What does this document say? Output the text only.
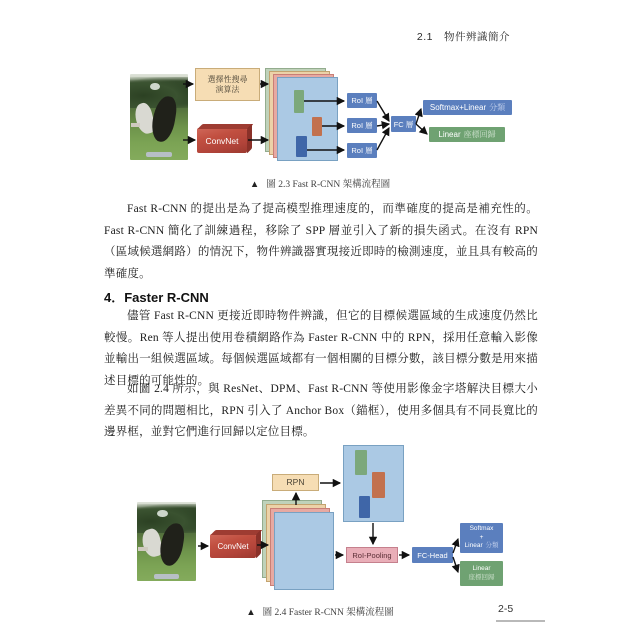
2.1　物件辨識簡介
選擇性搜尋
演算法
ConvNet
RoI 層
RoI 層
RoI 層
FC 層
Softmax+Linear 分類
Linear 座標回歸
▲ 圖 2.3 Fast R-CNN 架構流程圖
Fast R-CNN 的提出是為了提高模型推理速度的，而準確度的提高是補充性的。Fast R-CNN 簡化了訓練過程，移除了 SPP 層並引入了新的損失函式。在沒有 RPN（區域候選網路）的情況下，物件辨識器實現接近即時的檢測速度，並且具有較高的準確度。
4．Faster R-CNN
儘管 Fast R-CNN 更接近即時物件辨識，但它的目標候選區域的生成速度仍然比較慢。Ren 等人提出使用卷積網路作為 Faster R-CNN 中的 RPN，採用任意輸入影像並輸出一組候選區域。每個候選區域都有一個相關的目標分數，該目標分數是用來描述目標的可能性的。
如圖 2.4 所示，與 ResNet、DPM、Fast R-CNN 等使用影像金字塔解決目標大小差異不同的問題相比，RPN 引入了 Anchor Box（錨框），使用多個具有不同長寬比的邊界框，並對它們進行回歸以定位目標。
ConvNet
RPN
RoI-Pooling	FC-Head
Softmax
+
Linear 分類
Linear
座標回歸
▲ 圖 2.4 Faster R-CNN 架構流程圖	2-5
